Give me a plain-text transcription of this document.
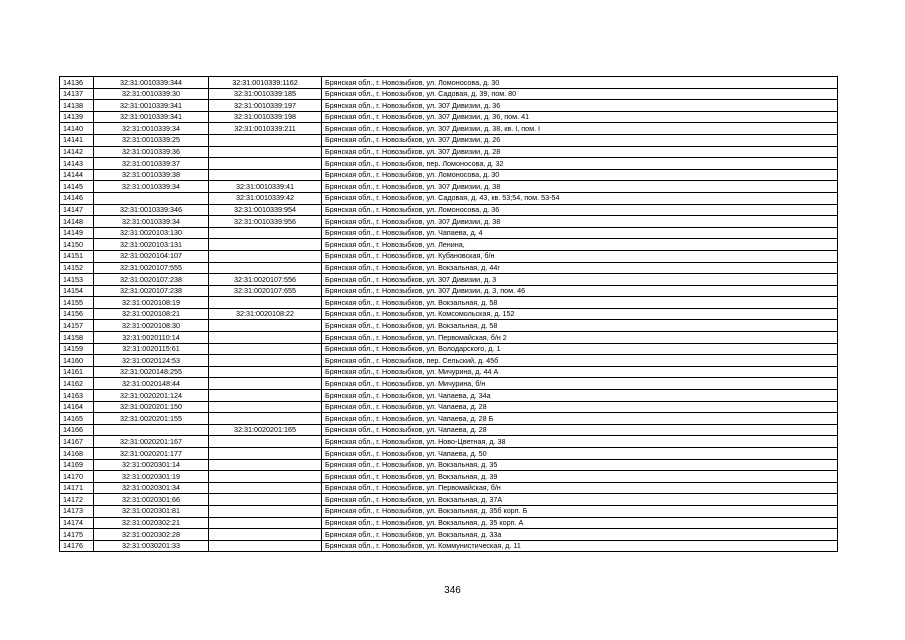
14136	32:31:0010339:344	32:31:0010339:1162	Брянская обл., г. Новозыбков, ул. Ломоносова, д. 30
14137	32:31:0010339:30	32:31:0010339:185	Брянская обл., г. Новозыбков, ул. Садовая, д. 39, пом. 80
14138	32:31:0010339:341	32:31:0010339:197	Брянская обл., г. Новозыбков, ул. 307 Дивизии, д. 36
14139	32:31:0010339:341	32:31:0010339:198	Брянская обл., г. Новозыбков, ул. 307 Дивизии, д. 36, пом. 41
14140	32:31:0010339:34	32:31:0010339:211	Брянская обл., г. Новозыбков, ул. 307 Дивизии, д. 38, кв. I, пом. I
14141	32:31:0010339:25		Брянская обл., г. Новозыбков, ул. 307 Дивизии, д. 26
14142	32:31:0010339:36		Брянская обл., г. Новозыбков, ул. 307 Дивизии, д. 28
14143	32:31:0010339:37		Брянская обл., г. Новозыбков, пер. Ломоносова, д. 32
14144	32:31:0010339:38		Брянская обл., г. Новозыбков, ул. Ломоносова, д. 30
14145	32:31:0010339:34	32:31:0010339:41	Брянская обл., г. Новозыбков, ул. 307 Дивизии, д. 38
14146		32:31:0010339:42	Брянская обл., г. Новозыбков, ул. Садовая, д. 43, кв. 53;54, пом. 53-54
14147	32:31:0010339:346	32:31:0010339:954	Брянская обл., г. Новозыбков, ул. Ломоносова, д. 36
14148	32:31:0010339:34	32:31:0010339:956	Брянская обл., г. Новозыбков, ул. 307 Дивизии, д. 38
14149	32:31:0020103:130		Брянская обл., г. Новозыбков, ул. Чапаева, д. 4
14150	32:31:0020103:131		Брянская обл., г. Новозыбков, ул. Ленина,
14151	32:31:0020104:107		Брянская обл., г. Новозыбков, ул. Кубановская, б/н
14152	32:31:0020107:555		Брянская обл., г. Новозыбков, ул. Вокзальная, д. 44г
14153	32:31:0020107:238	32:31:0020107:556	Брянская обл., г. Новозыбков, ул. 307 Дивизии, д. 3
14154	32:31:0020107:238	32:31:0020107:655	Брянская обл., г. Новозыбков, ул. 307 Дивизии, д. 3, пом. 46
14155	32:31:0020108:19		Брянская обл., г. Новозыбков, ул. Вокзальная, д. 58
14156	32:31:0020108:21	32:31:0020108:22	Брянская обл., г. Новозыбков, ул. Комсомольская, д. 152
14157	32:31:0020108:30		Брянская обл., г. Новозыбков, ул. Вокзальная, д. 58
14158	32:31:0020110:14		Брянская обл., г. Новозыбков, ул. Первомайская, б/н 2
14159	32:31:0020115:61		Брянская обл., г. Новозыбков, ул. Володарского, д. 1
14160	32:31:0020124:53		Брянская обл., г. Новозыбков, пер. Сельский, д. 45б
14161	32:31:0020148:255		Брянская обл., г. Новозыбков, ул. Мичурина, д. 44 А
14162	32:31:0020148:44		Брянская обл., г. Новозыбков, ул. Мичурина, б/н
14163	32:31:0020201:124		Брянская обл., г. Новозыбков, ул. Чапаева, д. 34а
14164	32:31:0020201:150		Брянская обл., г. Новозыбков, ул. Чапаева, д. 28
14165	32:31:0020201:155		Брянская обл., г. Новозыбков, ул. Чапаева, д. 28 Б
14166		32:31:0020201:165	Брянская обл., г. Новозыбков, ул. Чапаева, д. 28
14167	32:31:0020201:167		Брянская обл., г. Новозыбков, ул. Ново-Цветная, д. 38
14168	32:31:0020201:177		Брянская обл., г. Новозыбков, ул. Чапаева, д. 50
14169	32:31:0020301:14		Брянская обл., г. Новозыбков, ул. Вокзальная, д. 35
14170	32:31:0020301:19		Брянская обл., г. Новозыбков, ул. Вокзальная, д. 39
14171	32:31:0020301:34		Брянская обл., г. Новозыбков, ул. Первомайская, б/н
14172	32:31:0020301:66		Брянская обл., г. Новозыбков, ул. Вокзальная, д. 37А
14173	32:31:0020301:81		Брянская обл., г. Новозыбков, ул. Вокзальная, д. 35б корп. Б
14174	32:31:0020302:21		Брянская обл., г. Новозыбков, ул. Вокзальная, д. 35 корп. А
14175	32:31:0020302:28		Брянская обл., г. Новозыбков, ул. Вокзальная, д. 33а
14176	32:31:0030201:33		Брянская обл., г. Новозыбков, ул. Коммунистическая, д. 11
346
